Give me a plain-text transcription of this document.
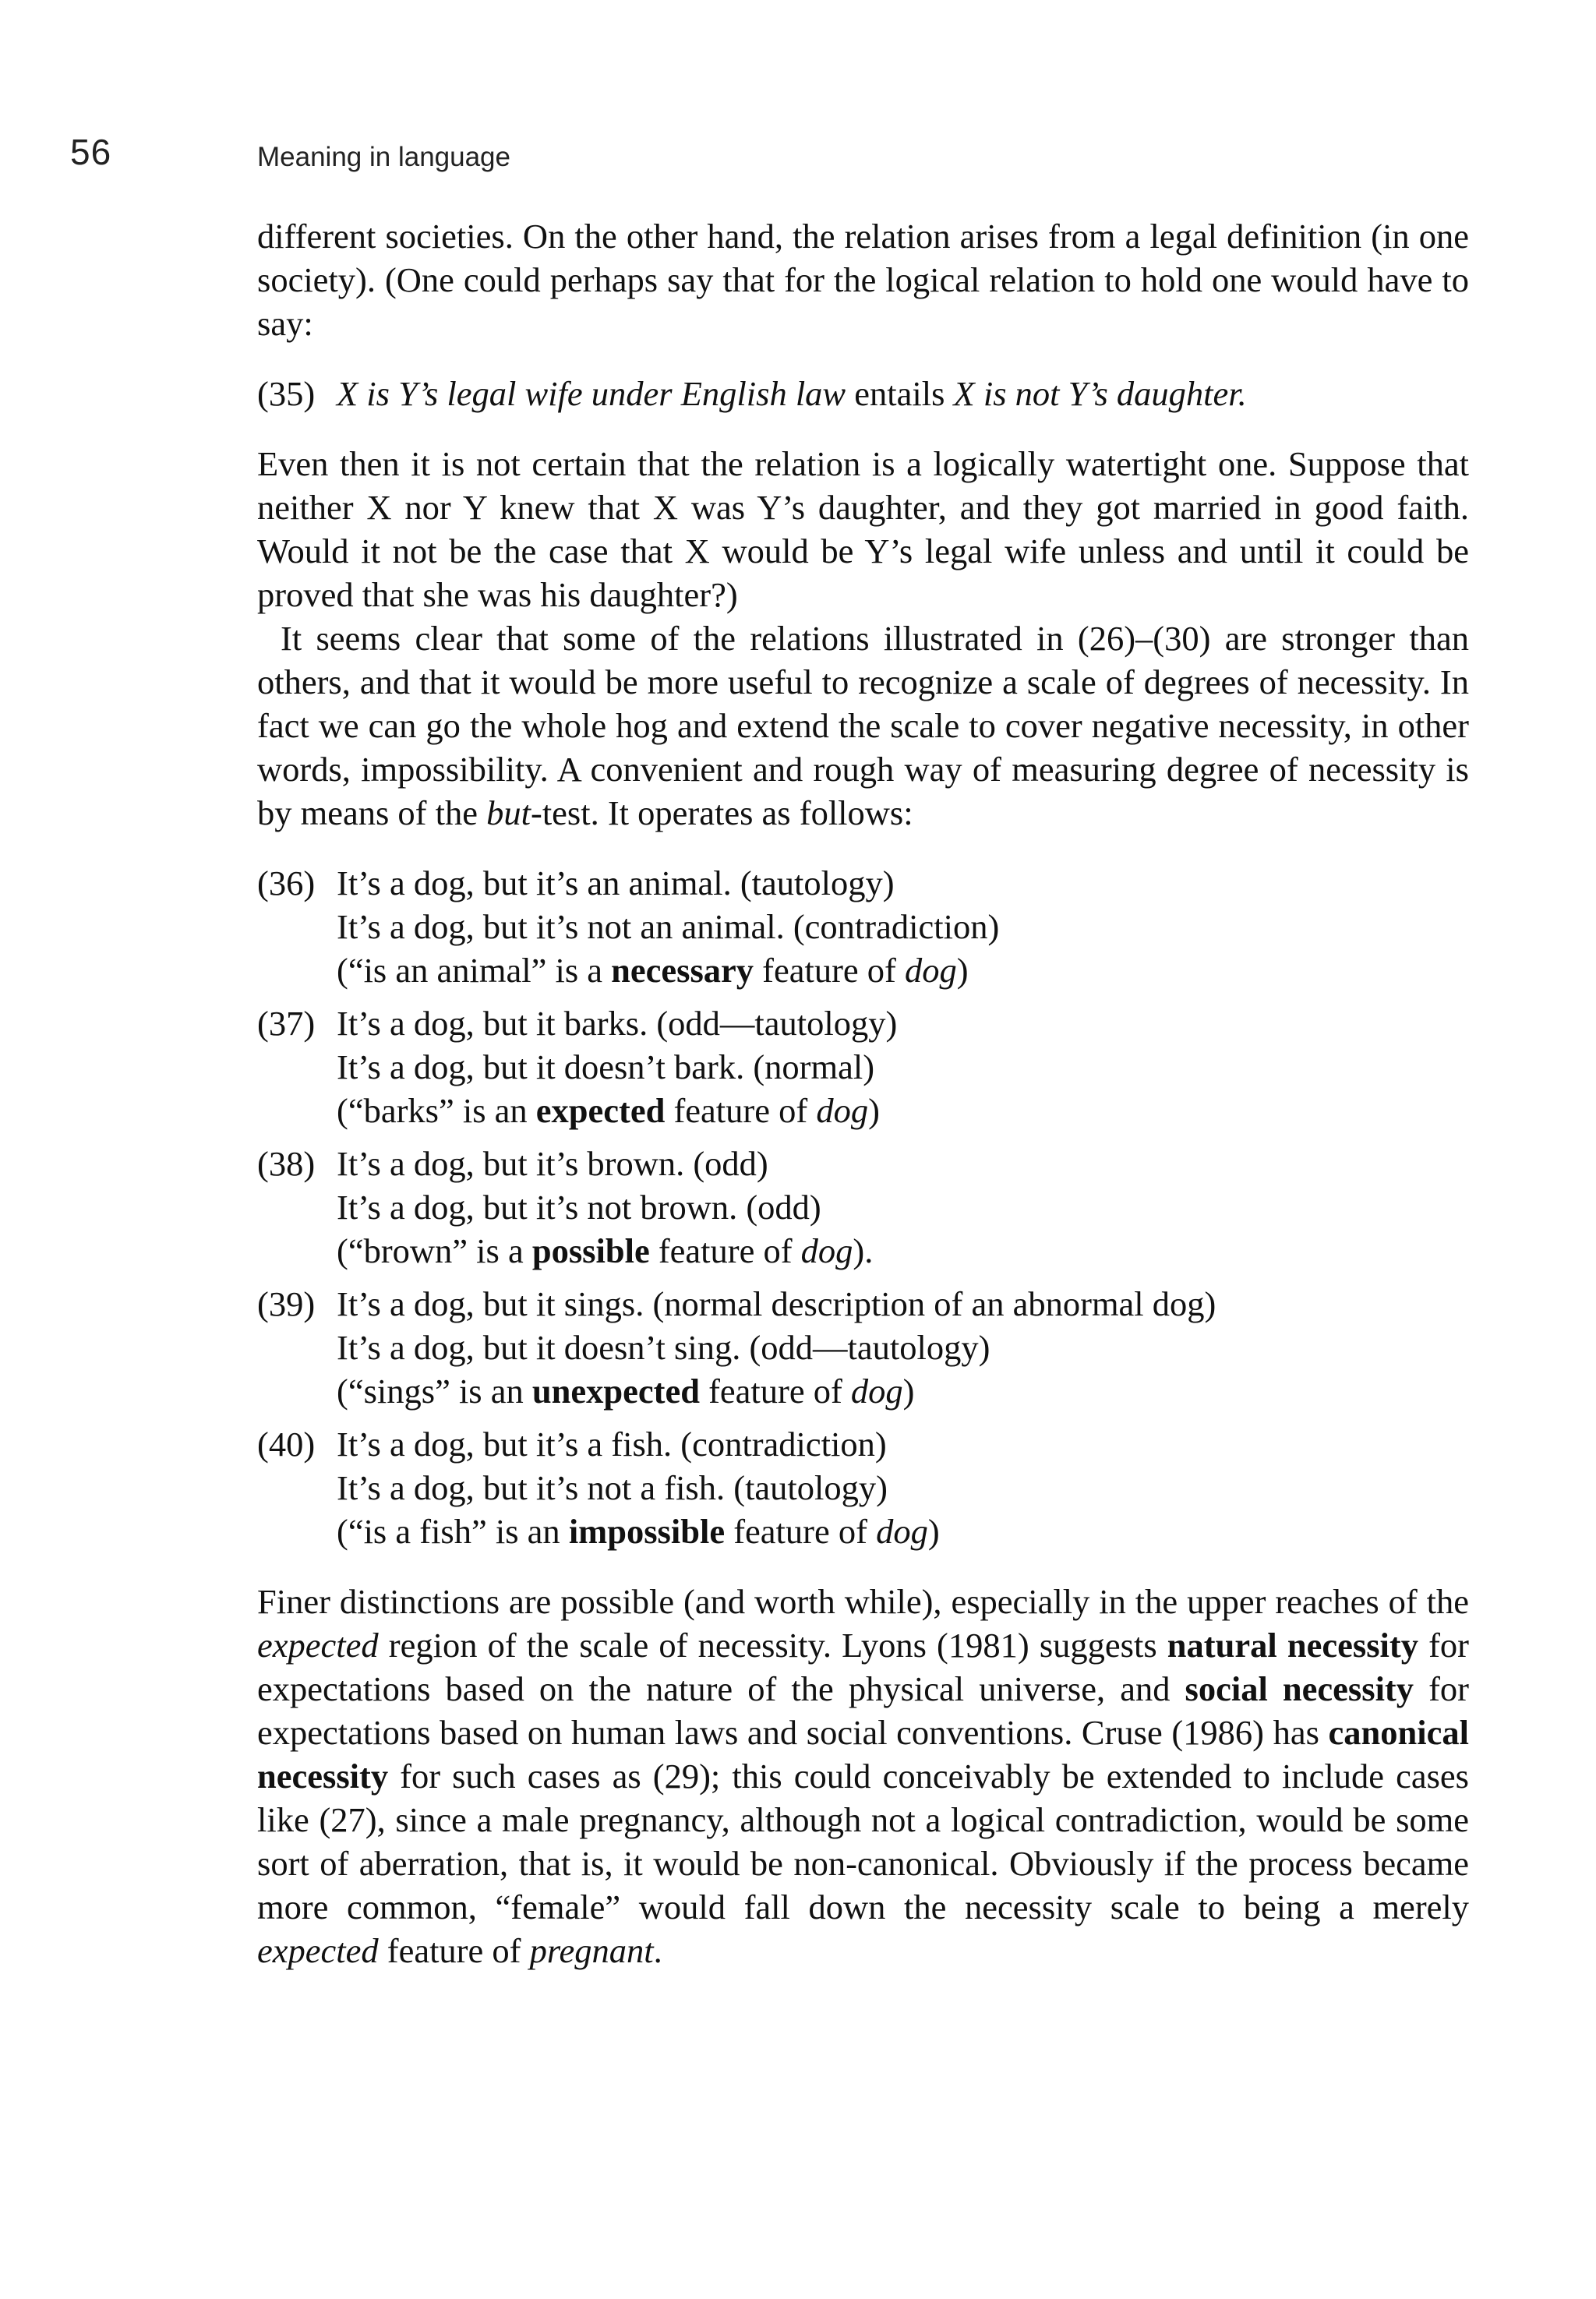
56	Meaning in language

different societies. On the other hand, the relation arises from a legal definition (in one society). (One could perhaps say that for the logical relation to hold one would have to say:

(35) X is Y’s legal wife under English law entails X is not Y’s daughter.

Even then it is not certain that the relation is a logically watertight one. Suppose that neither X nor Y knew that X was Y’s daughter, and they got married in good faith. Would it not be the case that X would be Y’s legal wife unless and until it could be proved that she was his daughter?)

It seems clear that some of the relations illustrated in (26)–(30) are stronger than others, and that it would be more useful to recognize a scale of degrees of necessity. In fact we can go the whole hog and extend the scale to cover negative necessity, in other words, impossibility. A convenient and rough way of measuring degree of necessity is by means of the but-test. It operates as follows:

(36) It’s a dog, but it’s an animal. (tautology)
It’s a dog, but it’s not an animal. (contradiction)
(“is an animal” is a necessary feature of dog)
(37) It’s a dog, but it barks. (odd—tautology)
It’s a dog, but it doesn’t bark. (normal)
(“barks” is an expected feature of dog)
(38) It’s a dog, but it’s brown. (odd)
It’s a dog, but it’s not brown. (odd)
(“brown” is a possible feature of dog).
(39) It’s a dog, but it sings. (normal description of an abnormal dog)
It’s a dog, but it doesn’t sing. (odd—tautology)
(“sings” is an unexpected feature of dog)
(40) It’s a dog, but it’s a fish. (contradiction)
It’s a dog, but it’s not a fish. (tautology)
(“is a fish” is an impossible feature of dog)

Finer distinctions are possible (and worth while), especially in the upper reaches of the expected region of the scale of necessity. Lyons (1981) suggests natural necessity for expectations based on the nature of the physical universe, and social necessity for expectations based on human laws and social conventions. Cruse (1986) has canonical necessity for such cases as (29); this could conceivably be extended to include cases like (27), since a male pregnancy, although not a logical contradiction, would be some sort of aberration, that is, it would be non-canonical. Obviously if the process became more common, “female” would fall down the necessity scale to being a merely expected feature of pregnant.
